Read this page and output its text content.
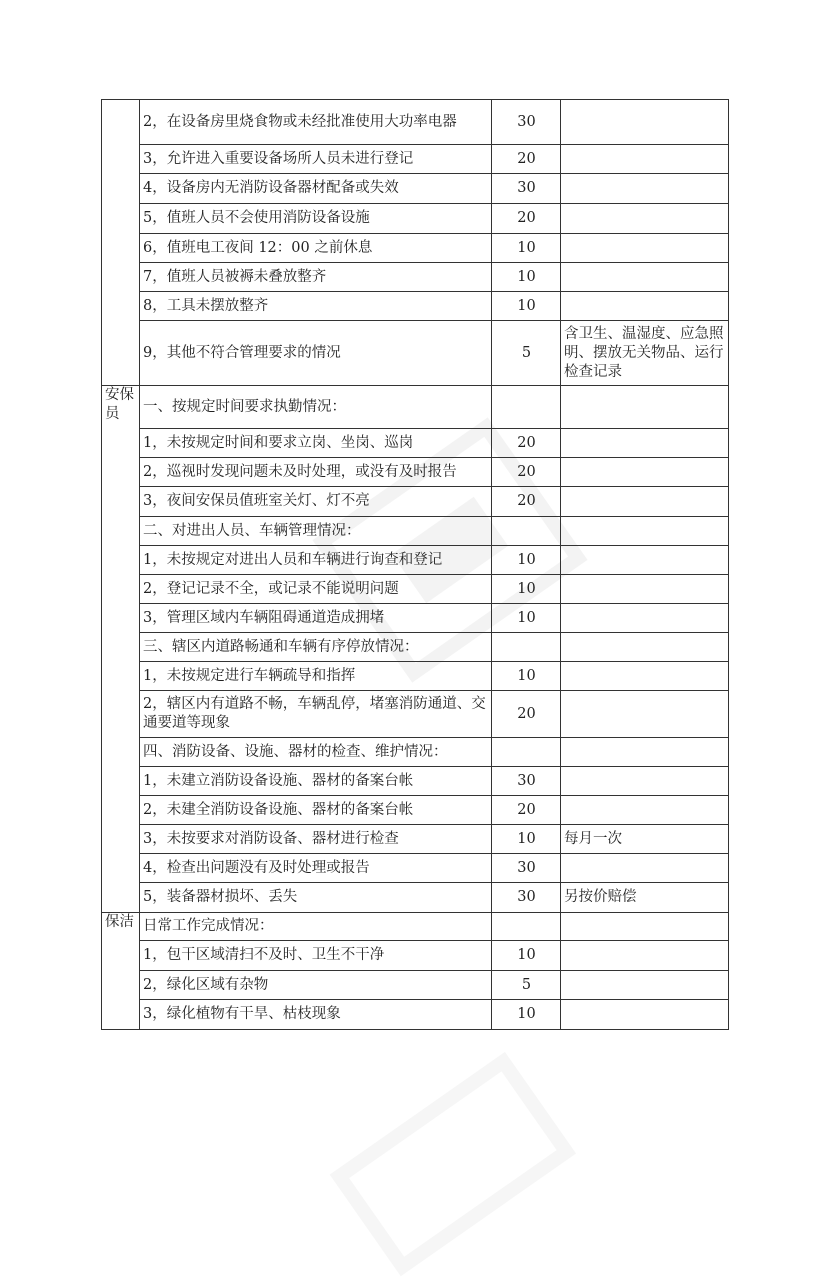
	2，在设备房里烧食物或未经批准使用大功率电器	30	
	3，允许进入重要设备场所人员未进行登记	20	
	4，设备房内无消防设备器材配备或失效	30	
	5，值班人员不会使用消防设备设施	20	
	6，值班电工夜间 12：00 之前休息	10	
	7，值班人员被褥未叠放整齐	10	
	8，工具未摆放整齐	10	
	9，其他不符合管理要求的情况	5	含卫生、温湿度、应急照明、摆放无关物品、运行检查记录
安保员	一、按规定时间要求执勤情况：		
	1，未按规定时间和要求立岗、坐岗、巡岗	20	
	2，巡视时发现问题未及时处理，或没有及时报告	20	
	3，夜间安保员值班室关灯、灯不亮	20	
	二、对进出人员、车辆管理情况：		
	1，未按规定对进出人员和车辆进行询查和登记	10	
	2，登记记录不全，或记录不能说明问题	10	
	3，管理区域内车辆阻碍通道造成拥堵	10	
	三、辖区内道路畅通和车辆有序停放情况：		
	1，未按规定进行车辆疏导和指挥	10	
	2，辖区内有道路不畅，车辆乱停，堵塞消防通道、交通要道等现象	20	
	四、消防设备、设施、器材的检查、维护情况：		
	1，未建立消防设备设施、器材的备案台帐	30	
	2，未建全消防设备设施、器材的备案台帐	20	
	3，未按要求对消防设备、器材进行检查	10	每月一次
	4，检查出问题没有及时处理或报告	30	
	5，装备器材损坏、丢失	30	另按价赔偿
保洁	日常工作完成情况：		
	1，包干区域清扫不及时、卫生不干净	10	
	2，绿化区域有杂物	5	
	3，绿化植物有干旱、枯枝现象	10	
